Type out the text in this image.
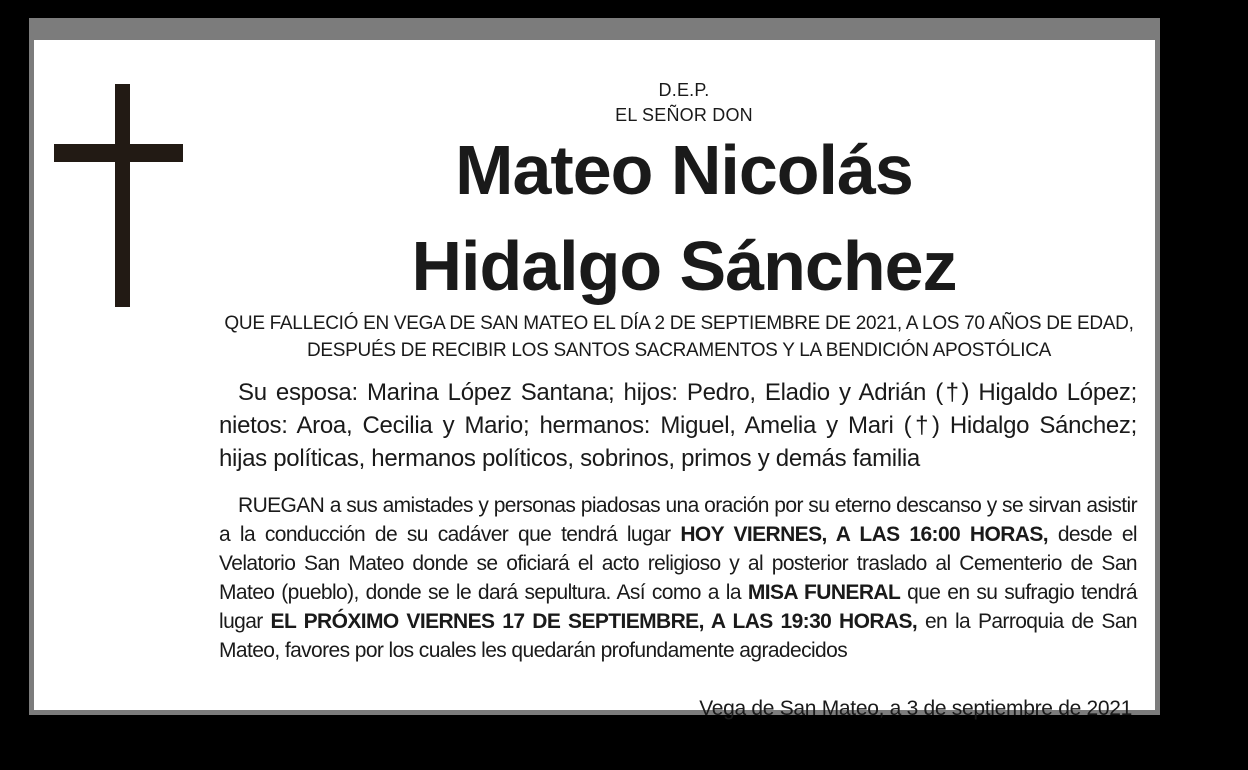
D.E.P.
EL SEÑOR DON
Mateo Nicolás
Hidalgo Sánchez
QUE FALLECIÓ EN VEGA DE SAN MATEO EL DÍA 2 DE SEPTIEMBRE DE 2021, A LOS 70 AÑOS DE EDAD, DESPUÉS DE RECIBIR LOS SANTOS SACRAMENTOS Y LA BENDICIÓN APOSTÓLICA
Su esposa: Marina López Santana; hijos: Pedro, Eladio y Adrián (†) Higaldo López; nietos: Aroa, Cecilia y Mario; hermanos: Miguel, Amelia y Mari (†) Hidalgo Sánchez; hijas políticas, hermanos políticos, sobrinos, primos y demás familia
RUEGAN a sus amistades y personas piadosas una oración por su eterno descanso y se sirvan asistir a la conducción de su cadáver que tendrá lugar HOY VIERNES, A LAS 16:00 HORAS, desde el Velatorio San Mateo donde se oficiará el acto religioso y al posterior traslado al Cementerio de San Mateo (pueblo), donde se le dará sepultura. Así como a la MISA FUNERAL que en su sufragio tendrá lugar EL PRÓXIMO VIERNES 17 DE SEPTIEMBRE, A LAS 19:30 HORAS, en la Parroquia de San Mateo, favores por los cuales les quedarán profundamente agradecidos
Vega de San Mateo, a 3 de septiembre de 2021
